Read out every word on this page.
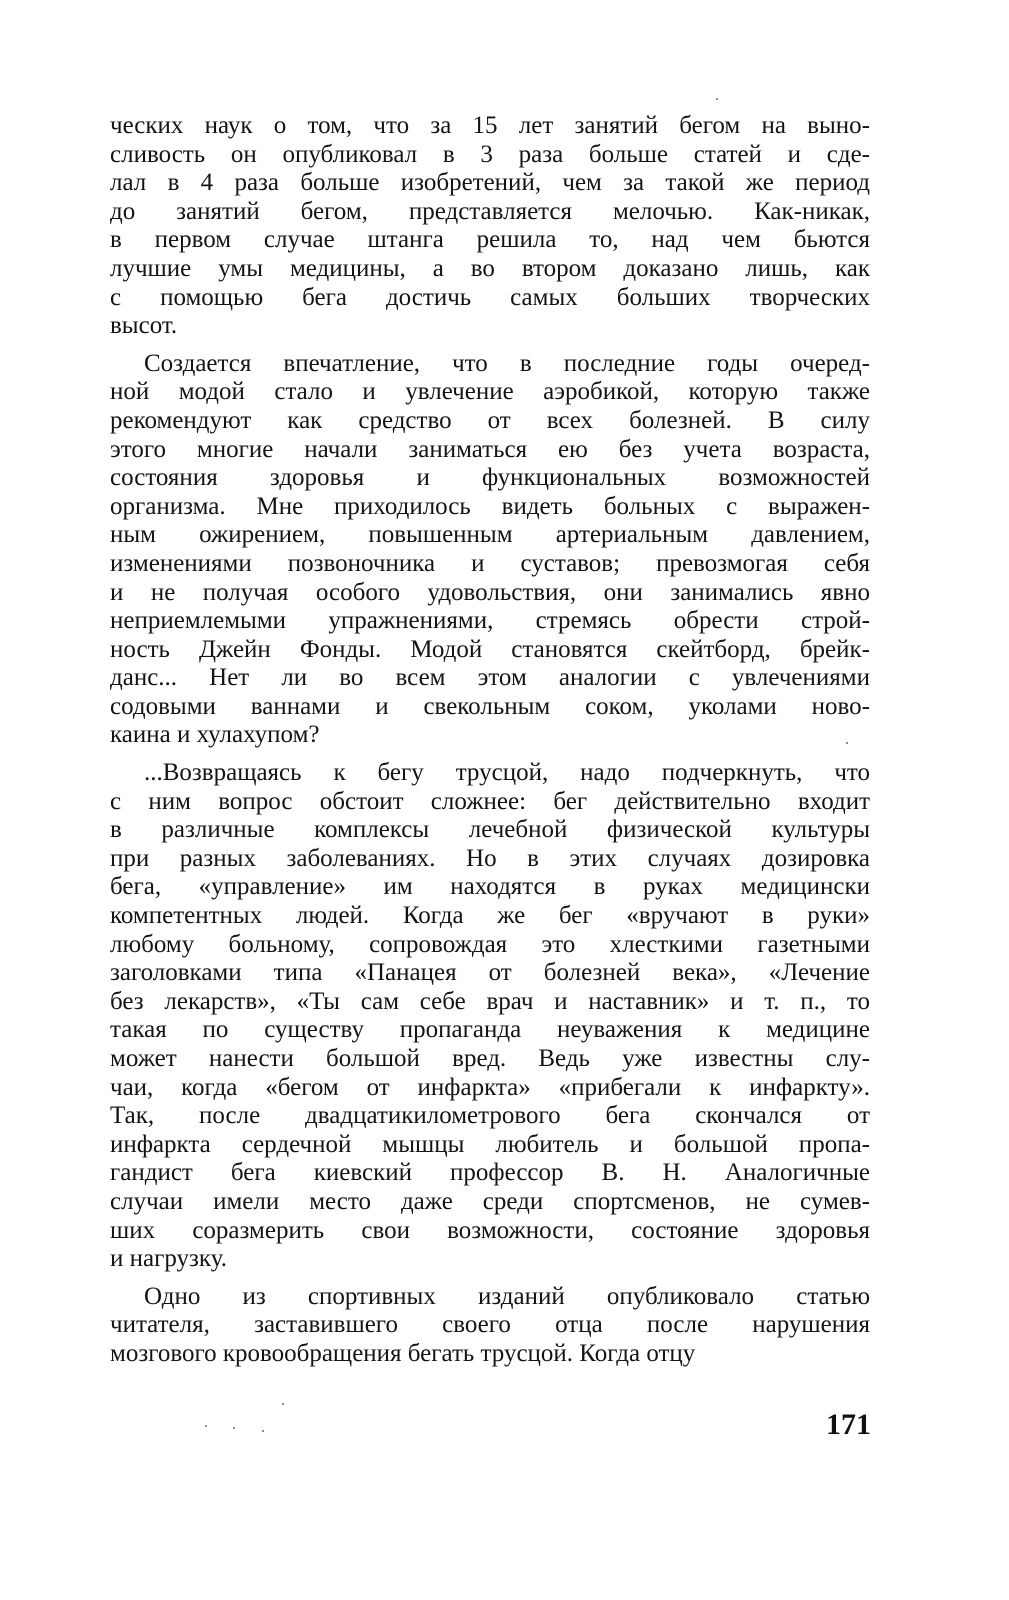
ческих наук о том, что за 15 лет занятий бегом на выно-
сливость он опубликовал в 3 раза больше статей и сде-
лал в 4 раза больше изобретений, чем за такой же период
до занятий бегом, представляется мелочью. Как-никак,
в первом случае штанга решила то, над чем бьются
лучшие умы медицины, а во втором доказано лишь, как
с помощью бега достичь самых больших творческих
высот.
Создается впечатление, что в последние годы очеред-
ной модой стало и увлечение аэробикой, которую также
рекомендуют как средство от всех болезней. В силу
этого многие начали заниматься ею без учета возраста,
состояния здоровья и функциональных возможностей
организма. Мне приходилось видеть больных с выражен-
ным ожирением, повышенным артериальным давлением,
изменениями позвоночника и суставов; превозмогая себя
и не получая особого удовольствия, они занимались явно
неприемлемыми упражнениями, стремясь обрести строй-
ность Джейн Фонды. Модой становятся скейтборд, брейк-
данс... Нет ли во всем этом аналогии с увлечениями
содовыми ваннами и свекольным соком, уколами ново-
каина и хулахупом?
...Возвращаясь к бегу трусцой, надо подчеркнуть, что
с ним вопрос обстоит сложнее: бег действительно входит
в различные комплексы лечебной физической культуры
при разных заболеваниях. Но в этих случаях дозировка
бега, «управление» им находятся в руках медицински
компетентных людей. Когда же бег «вручают в руки»
любому больному, сопровождая это хлесткими газетными
заголовками типа «Панацея от болезней века», «Лечение
без лекарств», «Ты сам себе врач и наставник» и т. п., то
такая по существу пропаганда неуважения к медицине
может нанести большой вред. Ведь уже известны слу-
чаи, когда «бегом от инфаркта» «прибегали к инфаркту».
Так, после двадцатикилометрового бега скончался от
инфаркта сердечной мышцы любитель и большой пропа-
гандист бега киевский профессор В. Н. Аналогичные
случаи имели место даже среди спортсменов, не сумев-
ших соразмерить свои возможности, состояние здоровья
и нагрузку.
Одно из спортивных изданий опубликовало статью
читателя, заставившего своего отца после нарушения
мозгового кровообращения бегать трусцой. Когда отцу
171
